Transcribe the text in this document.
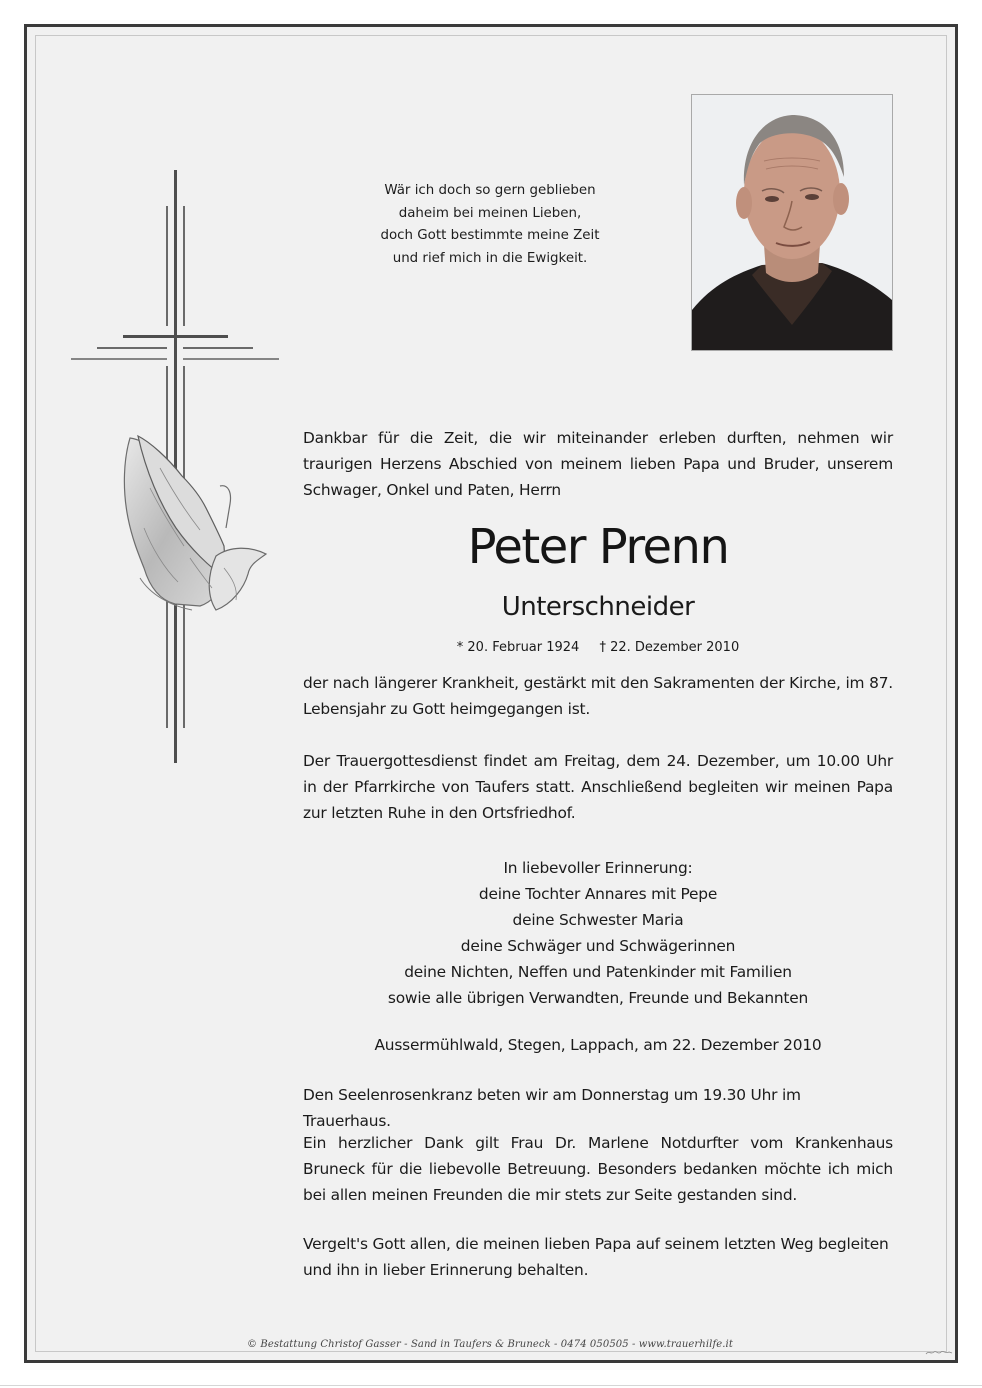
Wär ich doch so gern geblieben
daheim bei meinen Lieben,
doch Gott bestimmte meine Zeit
und rief mich in die Ewigkeit.
Dankbar für die Zeit, die wir miteinander erleben durften, nehmen wir traurigen Herzens Abschied von meinem lieben Papa und Bruder, unserem Schwager, Onkel und Paten, Herrn
Peter Prenn
Unterschneider
* 20. Februar 1924 † 22. Dezember 2010
der nach längerer Krankheit, gestärkt mit den Sakramenten der Kirche, im 87. Lebensjahr zu Gott heimgegangen ist.
Der Trauergottesdienst findet am Freitag, dem 24. Dezember, um 10.00 Uhr in der Pfarrkirche von Taufers statt. Anschließend begleiten wir meinen Papa zur letzten Ruhe in den Ortsfriedhof.
In liebevoller Erinnerung:
deine Tochter Annares mit Pepe
deine Schwester Maria
deine Schwäger und Schwägerinnen
deine Nichten, Neffen und Patenkinder mit Familien
sowie alle übrigen Verwandten, Freunde und Bekannten
Aussermühlwald, Stegen, Lappach, am 22. Dezember 2010
Den Seelenrosenkranz beten wir am Donnerstag um 19.30 Uhr im Trauerhaus.
Ein herzlicher Dank gilt Frau Dr. Marlene Notdurfter vom Krankenhaus Bruneck für die liebevolle Betreuung. Besonders bedanken möchte ich mich bei allen meinen Freunden die mir stets zur Seite gestanden sind.
Vergelt's Gott allen, die meinen lieben Papa auf seinem letzten Weg begleiten und ihn in lieber Erinnerung behalten.
© Bestattung Christof Gasser - Sand in Taufers & Bruneck - 0474 050505 - www.trauerhilfe.it
